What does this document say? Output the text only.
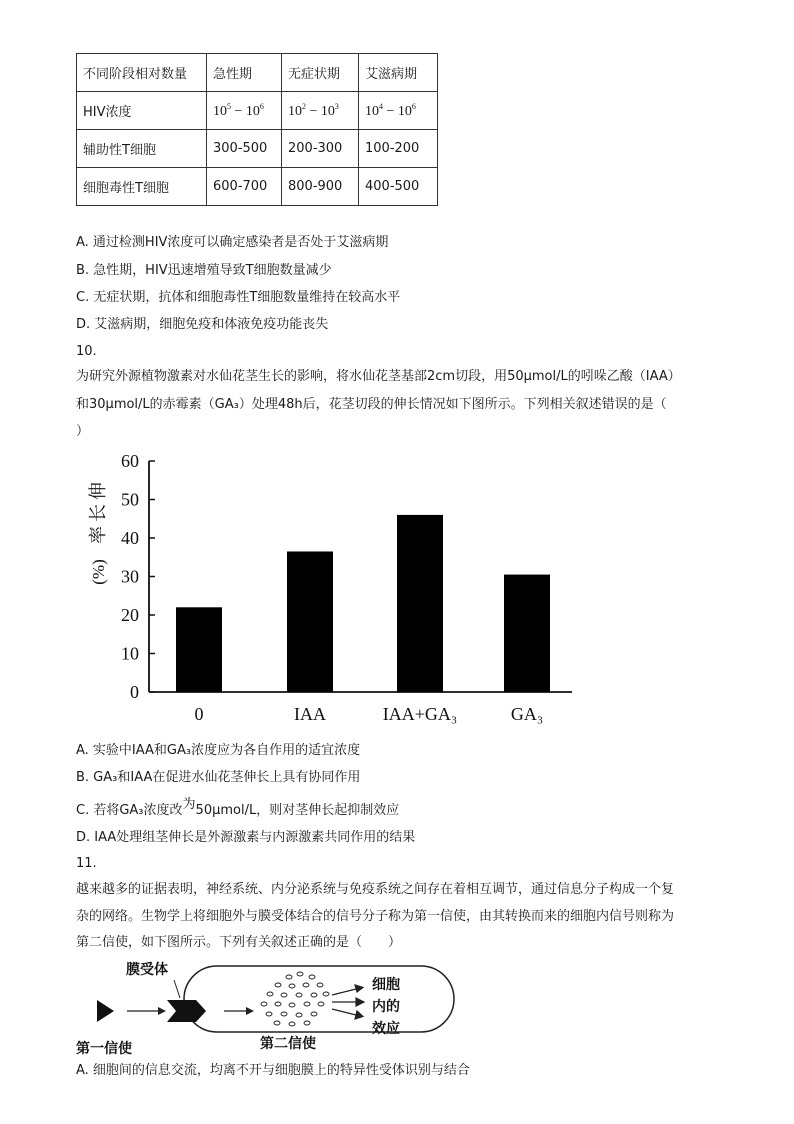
不同阶段相对数量	急性期	无症状期	艾滋病期
HIV浓度	$10^5 - 10^6$	$10^2 - 10^3$	$10^4 - 10^6$
辅助性T细胞	300-500	200-300	100-200
细胞毒性T细胞	600-700	800-900	400-500
A. 通过检测HIV浓度可以确定感染者是否处于艾滋病期
B. 急性期，HIV迅速增殖导致T细胞数量减少
C. 无症状期，抗体和细胞毒性T细胞数量维持在较高水平
D. 艾滋病期，细胞免疫和体液免疫功能丧失
10.
为研究外源植物激素对水仙花茎生长的影响，将水仙花茎基部2cm切段，用50μmol/L的吲哚乙酸（IAA）
和30μmol/L的赤霉素（GA₃）处理48h后，花茎切段的伸长情况如下图所示。下列相关叙述错误的是（
）
0
10
20
30
40
50
60
0	IAA	IAA+GA₃	GA₃
伸
长
率
(%)
A. 实验中IAA和GA₃浓度应为各自作用的适宜浓度
B. GA₃和IAA在促进水仙花茎伸长上具有协同作用
C. 若将GA₃浓度改为50μmol/L，则对茎伸长起抑制效应
D. IAA处理组茎伸长是外源激素与内源激素共同作用的结果
11.
越来越多的证据表明，神经系统、内分泌系统与免疫系统之间存在着相互调节，通过信息分子构成一个复
杂的网络。生物学上将细胞外与膜受体结合的信号分子称为第一信使，由其转换而来的细胞内信号则称为
第二信使，如下图所示。下列有关叙述正确的是（　　）
膜受体
第一信使	第二信使
细胞
内的
效应
A. 细胞间的信息交流，均离不开与细胞膜上的特异性受体识别与结合
